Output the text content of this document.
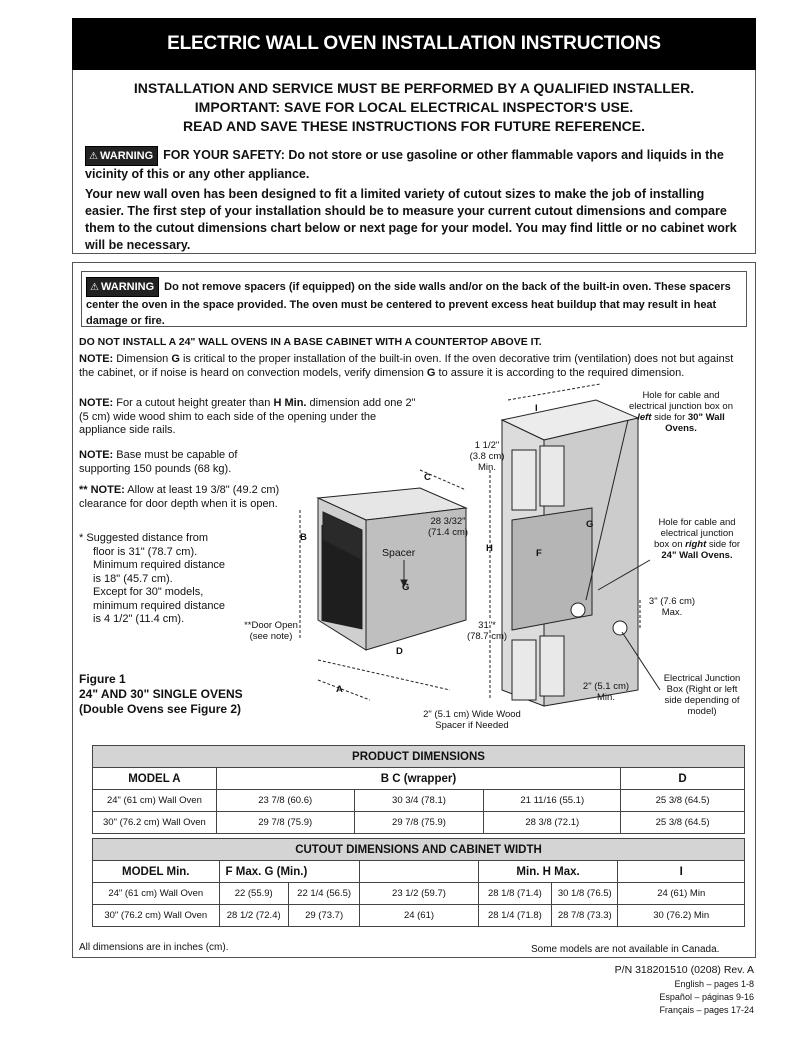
ELECTRIC WALL OVEN INSTALLATION INSTRUCTIONS
INSTALLATION AND SERVICE MUST BE PERFORMED BY A QUALIFIED INSTALLER.
IMPORTANT: SAVE FOR LOCAL ELECTRICAL INSPECTOR'S USE.
READ AND SAVE THESE INSTRUCTIONS FOR FUTURE REFERENCE.
⚠ WARNING FOR YOUR SAFETY: Do not store or use gasoline or other flammable vapors and liquids in the vicinity of this or any other appliance.
Your new wall oven has been designed to fit a limited variety of cutout sizes to make the job of installing easier. The first step of your installation should be to measure your current cutout dimensions and compare them to the cutout dimensions chart below or next page for your model. You may find little or no cabinet work will be necessary.
⚠ WARNING Do not remove spacers (if equipped) on the side walls and/or on the back of the built-in oven. These spacers center the oven in the space provided. The oven must be centered to prevent excess heat buildup that may result in heat damage or fire.
DO NOT INSTALL A 24" WALL OVENS IN A BASE CABINET WITH A COUNTERTOP ABOVE IT.
NOTE: Dimension G is critical to the proper installation of the built-in oven. If the oven decorative trim (ventilation) does not but against the cabinet, or if noise is heard on convection models, verify dimension G to assure it is according to the required dimension.
NOTE: For a cutout height greater than H Min. dimension add one 2" (5 cm) wide wood shim to each side of the opening under the appliance side rails.
NOTE: Base must be capable of supporting 150 pounds (68 kg).
** NOTE: Allow at least 19 3/8" (49.2 cm) clearance for door depth when it is open.
* Suggested distance from
floor is 31" (78.7 cm).
Minimum required distance
is 18" (45.7 cm).
Except for 30" models,
minimum required distance
is 4 1/2" (11.4 cm).
Figure 1
24" AND 30" SINGLE OVENS
(Double Ovens see Figure 2)
C
B
D
A
G
Spacer
**Door Open
(see note)
28 3/32"
(71.4 cm)
1 1/2"
(3.8 cm)
Min.
H	F
G
I
31"*
(78.7 cm)
Hole for cable and
electrical junction box on
left side for 30" Wall
Ovens.
Hole for cable and
electrical junction
box on right side for
24" Wall Ovens.
3" (7.6 cm)
Max.
Electrical Junction
Box (Right or left
side depending of
model)
2" (5.1 cm)
Min.
2" (5.1 cm) Wide Wood
Spacer if Needed
PRODUCT DIMENSIONS				
MODEL A	B C (wrapper)			D
24" (61 cm) Wall Oven	23 7/8 (60.6)	30 3/4 (78.1)	21 11/16 (55.1)	25 3/8 (64.5)
30" (76.2 cm) Wall Oven	29 7/8 (75.9)	29 7/8 (75.9)	28 3/8 (72.1)	25 3/8 (64.5)
CUTOUT DIMENSIONS AND CABINET WIDTH						
MODEL Min.	F Max. G (Min.)			Min. H Max.		I
24" (61 cm) Wall Oven	22 (55.9)	22 1/4 (56.5)	23 1/2 (59.7)	28 1/8 (71.4)	30 1/8 (76.5)	24 (61) Min
30" (76.2 cm) Wall Oven	28 1/2 (72.4)	29 (73.7)	24 (61)	28 1/4 (71.8)	28 7/8 (73.3)	30 (76.2) Min
All dimensions are in inches (cm).	Some models are not available in Canada.
P/N 318201510 (0208) Rev. A
English – pages 1-8
Español – páginas 9-16
Français – pages 17-24
